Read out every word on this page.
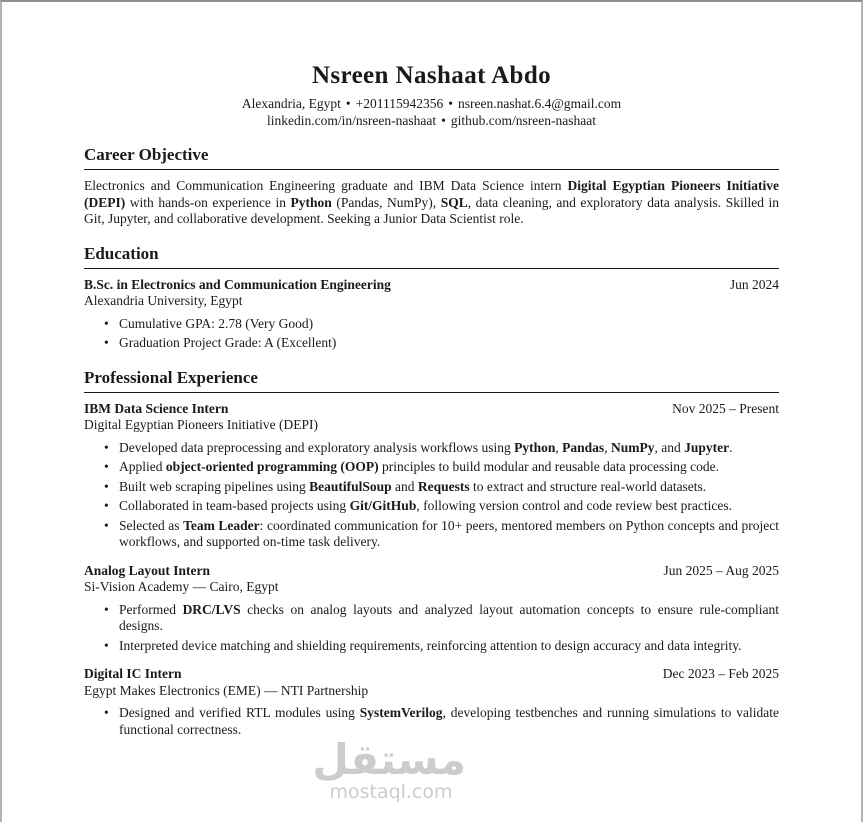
Nsreen Nashaat Abdo
Alexandria, Egypt • +201115942356 • nsreen.nashat.6.4@gmail.com
linkedin.com/in/nsreen-nashaat • github.com/nsreen-nashaat
Career Objective

Electronics and Communication Engineering graduate and IBM Data Science intern Digital Egyptian Pioneers Initiative (DEPI) with hands-on experience in Python (Pandas, NumPy), SQL, data cleaning, and exploratory data analysis. Skilled in Git, Jupyter, and collaborative development. Seeking a Junior Data Scientist role.

Education
B.Sc. in Electronics and Communication Engineering	Jun 2024
Alexandria University, Egypt
• Cumulative GPA: 2.78 (Very Good)
• Graduation Project Grade: A (Excellent)
Professional Experience
IBM Data Science Intern	Nov 2025 – Present
Digital Egyptian Pioneers Initiative (DEPI)
• Developed data preprocessing and exploratory analysis workflows using Python, Pandas, NumPy, and Jupyter.
• Applied object-oriented programming (OOP) principles to build modular and reusable data processing code.
• Built web scraping pipelines using BeautifulSoup and Requests to extract and structure real-world datasets.
• Collaborated in team-based projects using Git/GitHub, following version control and code review best practices.
• Selected as Team Leader: coordinated communication for 10+ peers, mentored members on Python concepts and project workflows, and supported on-time task delivery.
Analog Layout Intern	Jun 2025 – Aug 2025
Si-Vision Academy — Cairo, Egypt
• Performed DRC/LVS checks on analog layouts and analyzed layout automation concepts to ensure rule-compliant designs.
• Interpreted device matching and shielding requirements, reinforcing attention to design accuracy and data integrity.
Digital IC Intern	Dec 2023 – Feb 2025
Egypt Makes Electronics (EME) — NTI Partnership
• Designed and verified RTL modules using SystemVerilog, developing testbenches and running simulations to validate functional correctness.
مستقل
mostaql.com
